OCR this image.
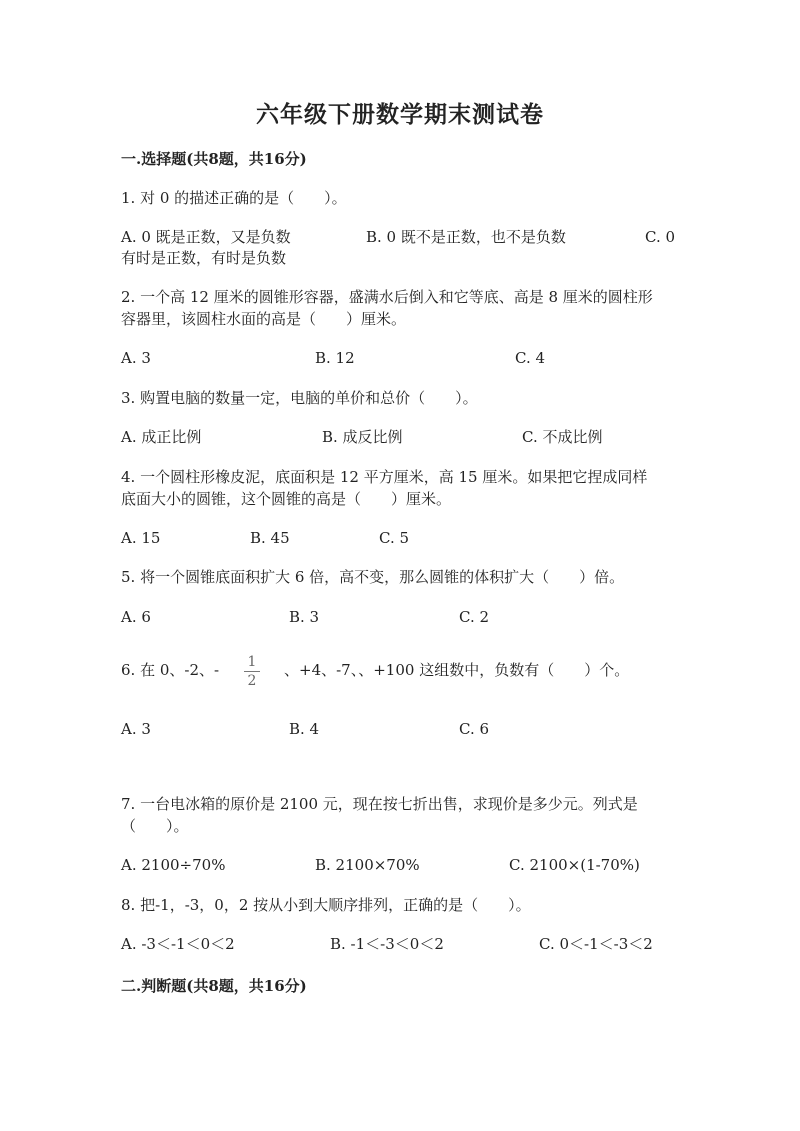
六年级下册数学期末测试卷
一.选择题(共8题，共16分)
1. 对 0 的描述正确的是（　　）。
A. 0 既是正数，又是负数	B. 0 既不是正数，也不是负数	C. 0
有时是正数，有时是负数
2. 一个高 12 厘米的圆锥形容器，盛满水后倒入和它等底、高是 8 厘米的圆柱形
容器里，该圆柱水面的高是（　　）厘米。
A. 3	B. 12	C. 4
3. 购置电脑的数量一定，电脑的单价和总价（　　）。
A. 成正比例	B. 成反比例	C. 不成比例
4. 一个圆柱形橡皮泥，底面积是 12 平方厘米，高 15 厘米。如果把它捏成同样
底面大小的圆锥，这个圆锥的高是（　　）厘米。
A. 15	B. 45	C. 5
5. 将一个圆锥底面积扩大 6 倍，高不变，那么圆锥的体积扩大（　　）倍。
A. 6	B. 3	C. 2
6. 在 0、-2、- 1
2
、+4、-7、、+100 这组数中，负数有（　　）个。
A. 3	B. 4	C. 6
7. 一台电冰箱的原价是 2100 元，现在按七折出售，求现价是多少元。列式是
（　　）。
A. 2100÷70%	B. 2100×70%	C. 2100×(1-70%)
8. 把-1，-3，0，2 按从小到大顺序排列，正确的是（　　）。
A. -3＜-1＜0＜2	B. -1＜-3＜0＜2	C. 0＜-1＜-3＜2
二.判断题(共8题，共16分)
